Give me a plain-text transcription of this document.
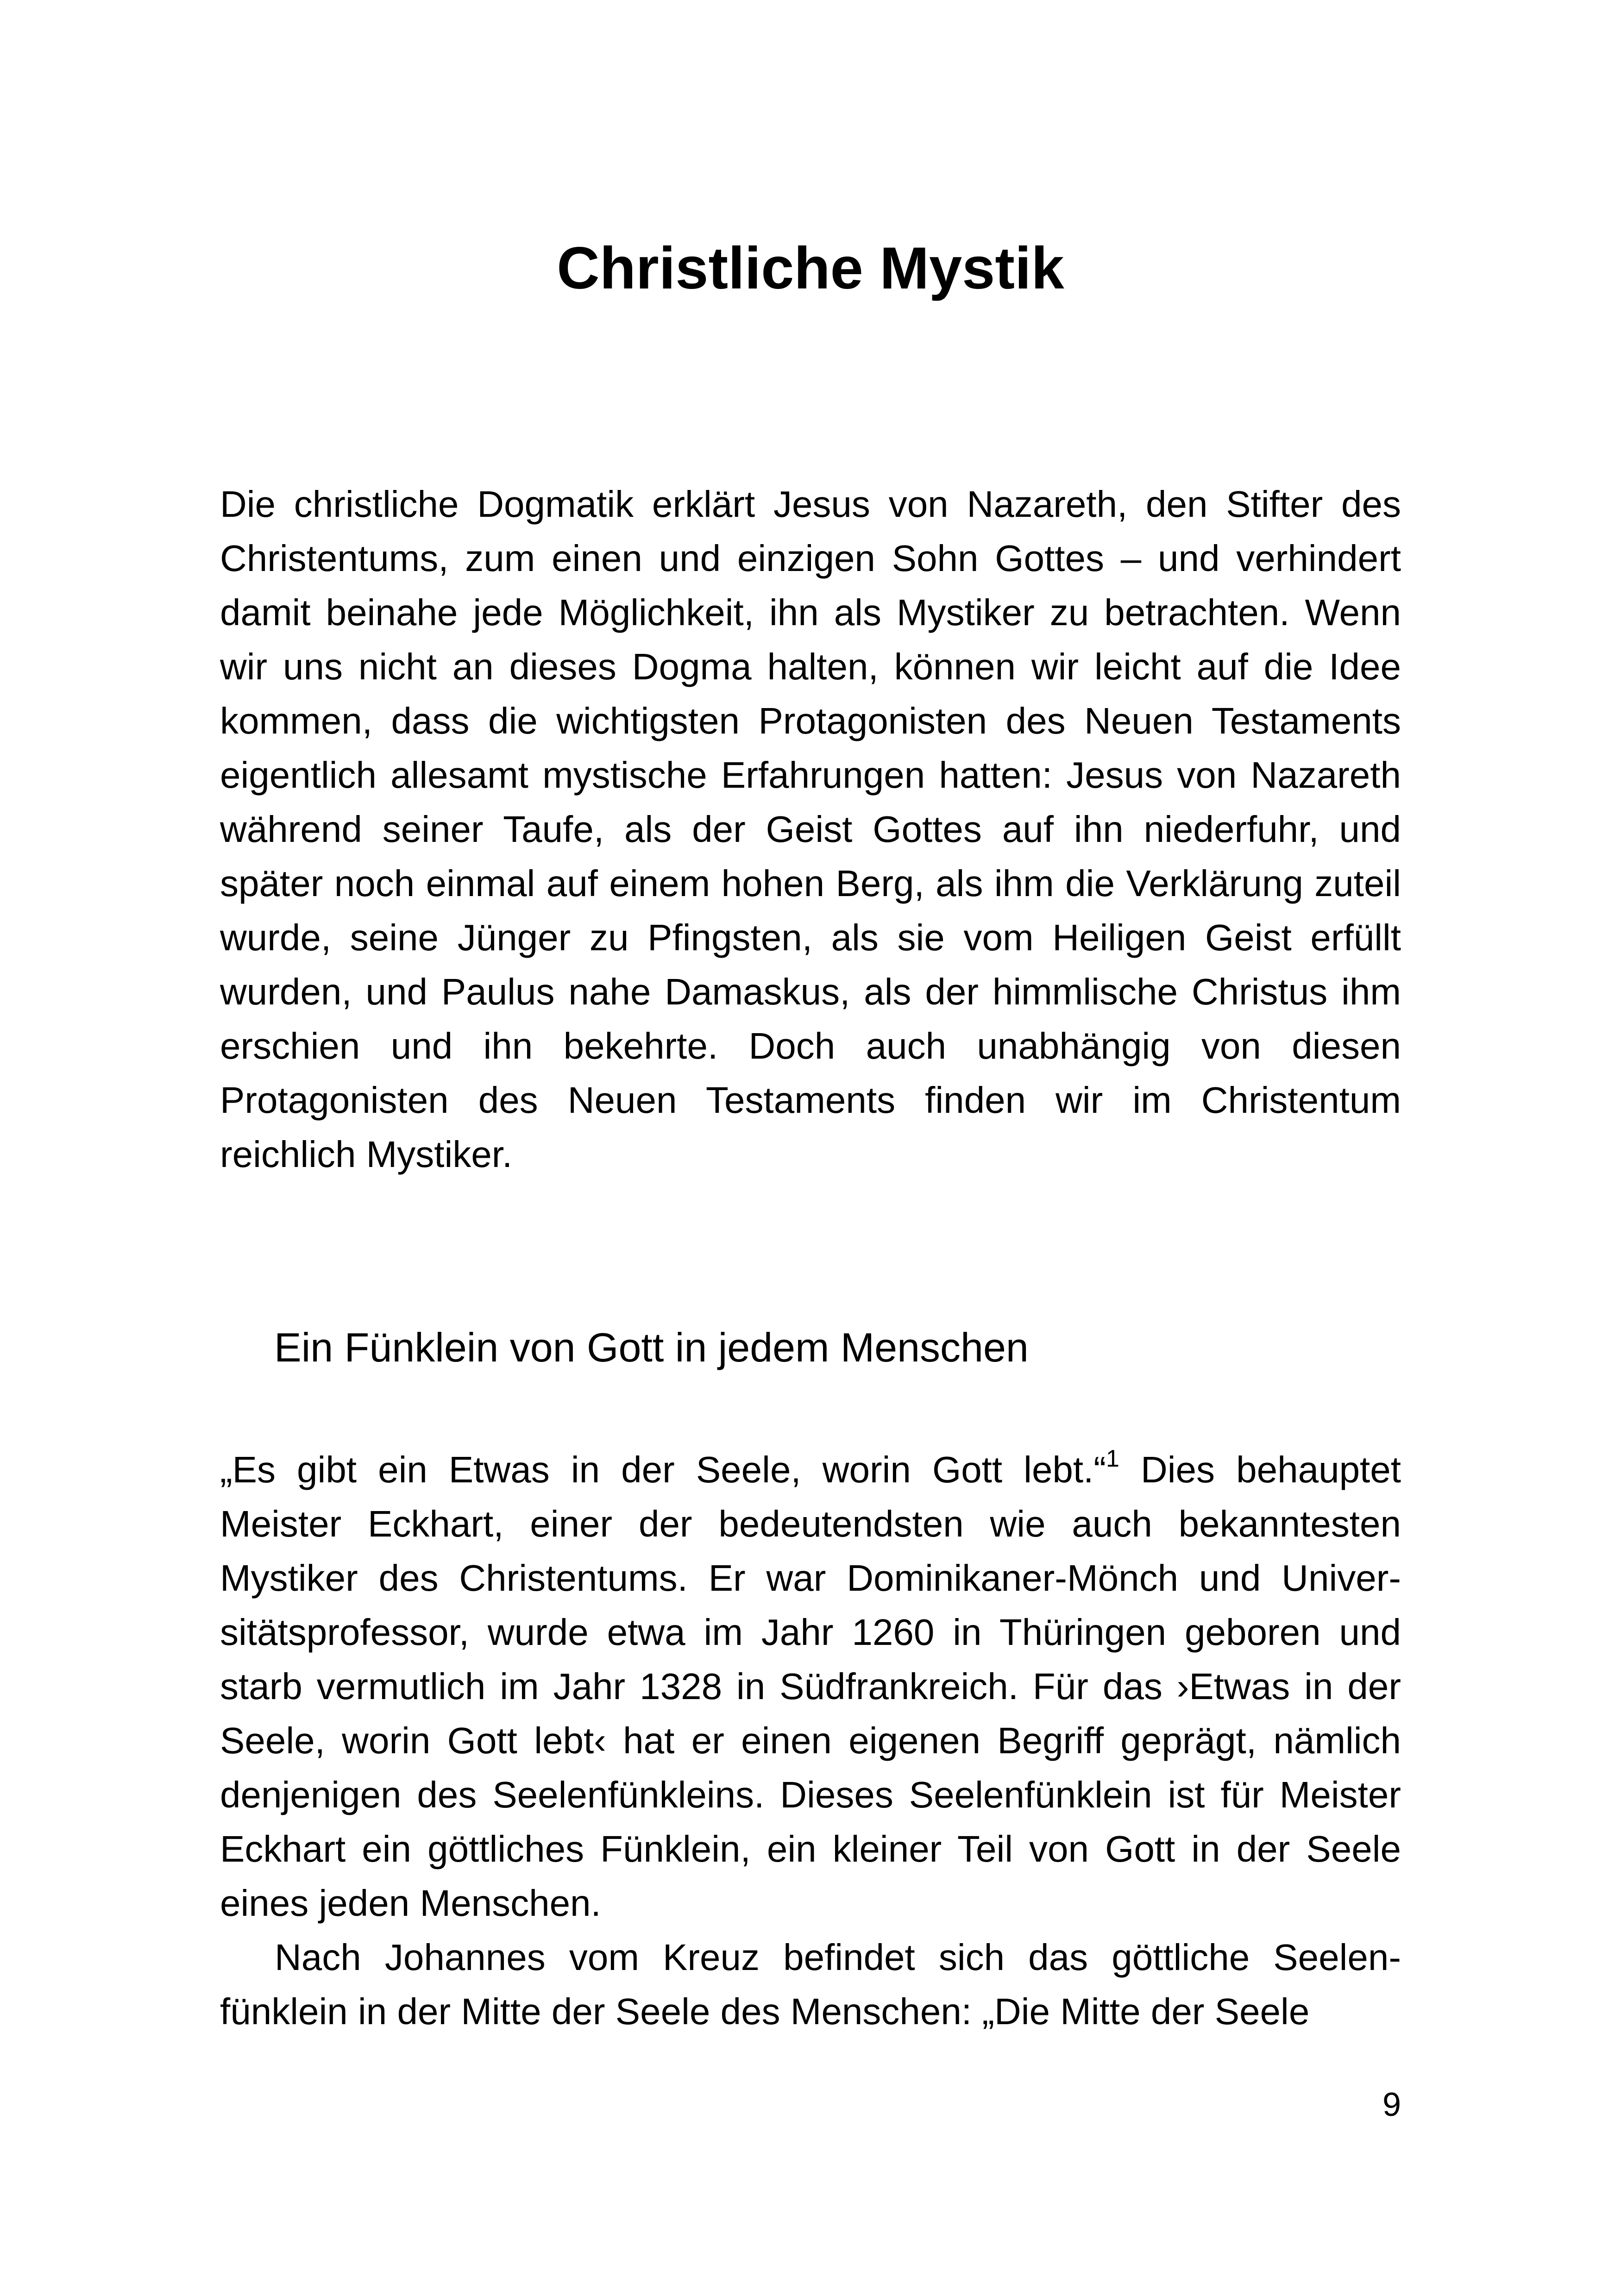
Christliche Mystik

Die christliche Dogmatik erklärt Jesus von Nazareth, den Stifter des Christentums, zum einen und einzigen Sohn Gottes – und verhindert damit beinahe jede Möglichkeit, ihn als Mystiker zu betrachten. Wenn wir uns nicht an dieses Dogma halten, können wir leicht auf die Idee kommen, dass die wichtigsten Protagonisten des Neuen Testaments eigentlich allesamt mystische Erfahrungen hatten: Jesus von Nazareth während seiner Taufe, als der Geist Gottes auf ihn niederfuhr, und später noch einmal auf einem hohen Berg, als ihm die Verklärung zuteil wurde, seine Jünger zu Pfingsten, als sie vom Heiligen Geist erfüllt wurden, und Paulus nahe Damaskus, als der himmlische Christus ihm erschien und ihn bekehrte. Doch auch unabhängig von diesen Protagonisten des Neuen Testaments finden wir im Christentum reichlich Mystiker.

Ein Fünklein von Gott in jedem Menschen

„Es gibt ein Etwas in der Seele, worin Gott lebt.“$^1$ Dies behauptet Meister Eckhart, einer der bedeutendsten wie auch bekanntesten Mystiker des Christentums. Er war Dominikaner-Mönch und Universitätsprofessor, wurde etwa im Jahr 1260 in Thüringen geboren und starb vermutlich im Jahr 1328 in Südfrankreich. Für das ›Etwas in der Seele, worin Gott lebt‹ hat er einen eigenen Begriff geprägt, nämlich denjenigen des Seelenfünkleins. Dieses Seelenfünklein ist für Meister Eckhart ein göttliches Fünklein, ein kleiner Teil von Gott in der Seele eines jeden Menschen.

Nach Johannes vom Kreuz befindet sich das göttliche Seelenfünklein in der Mitte der Seele des Menschen: „Die Mitte der Seele

9
